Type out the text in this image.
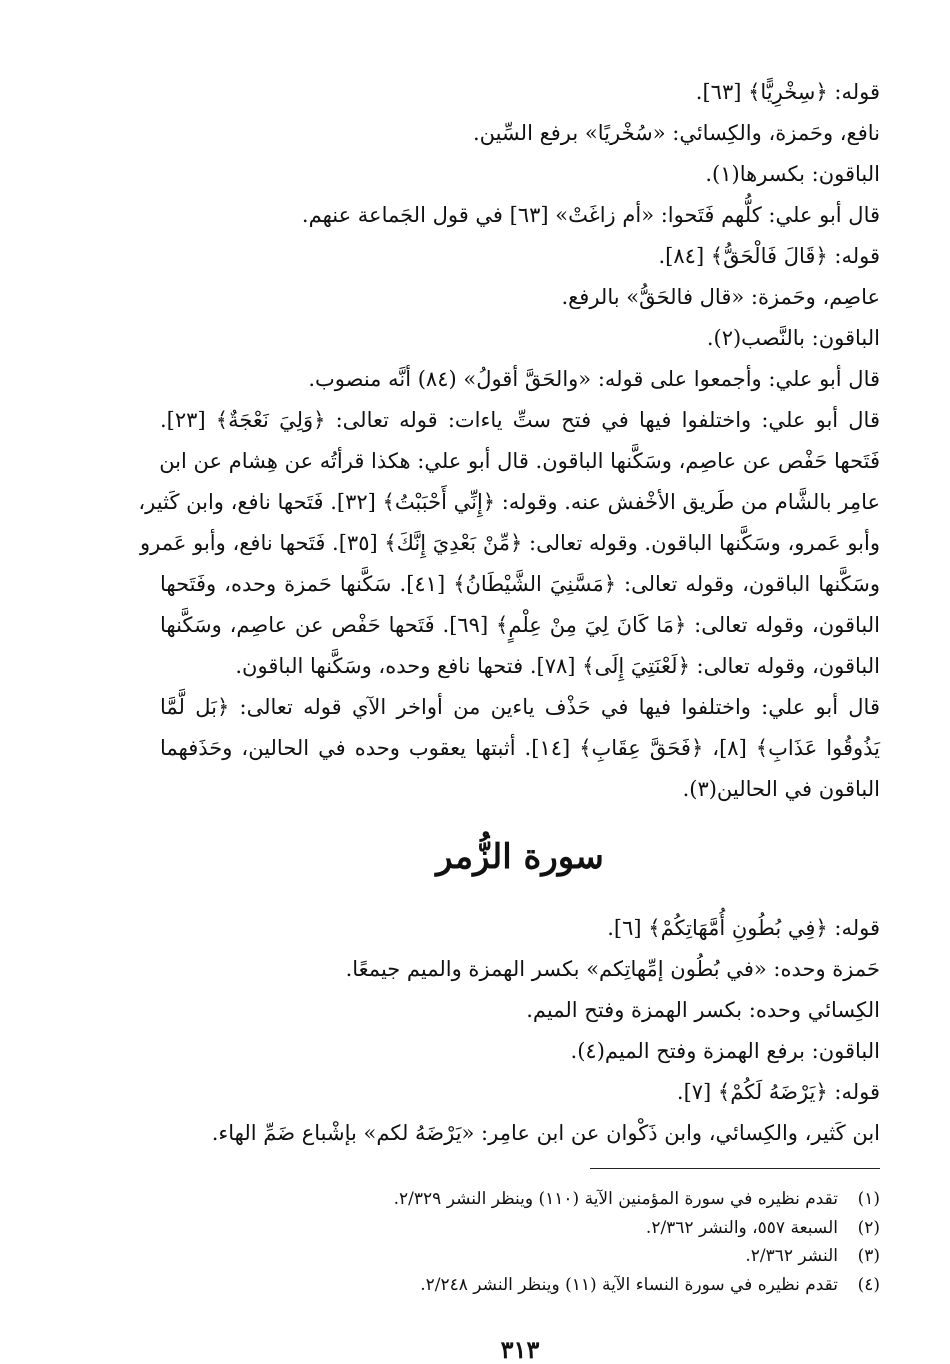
قوله: ﴿سِخْرِيًّا﴾ [٦٣].
نافع، وحَمزة، والكِسائي: «سُخْريًا» برفع السِّين.
الباقون: بكسرها(١).
قال أبو علي: كلُّهم فَتَحوا: «أم زاغَتْ» [٦٣] في قول الجَماعة عنهم.
قوله: ﴿قَالَ فَالْحَقُّ﴾ [٨٤].
عاصِم، وحَمزة: «قال فالحَقُّ» بالرفع.
الباقون: بالنَّصب(٢).
قال أبو علي: وأجمعوا على قوله: «والحَقَّ أقولُ» (٨٤) أنَّه منصوب.
قال أبو علي: واختلفوا فيها في فتح ستِّ ياءات: قوله تعالى: ﴿وَلِيَ نَعْجَةٌ﴾ [٢٣].
فَتَحها حَفْص عن عاصِم، وسَكَّنها الباقون. قال أبو علي: هكذا قرأتُه عن هِشام عن ابن
عامِر بالشَّام من طَريق الأخْفش عنه. وقوله: ﴿إِنِّي أَحْبَبْتُ﴾ [٣٢]. فَتَحها نافع، وابن كَثير،
وأبو عَمرو، وسَكَّنها الباقون. وقوله تعالى: ﴿مِّنْ بَعْدِيَ إِنَّكَ﴾ [٣٥]. فَتَحها نافع، وأبو عَمرو
وسَكَّنها الباقون، وقوله تعالى: ﴿مَسَّنِيَ الشَّيْطَانُ﴾ [٤١]. سَكَّنها حَمزة وحده، وفَتَحها
الباقون، وقوله تعالى: ﴿مَا كَانَ لِيَ مِنْ عِلْمٍ﴾ [٦٩]. فَتَحها حَفْص عن عاصِم، وسَكَّنها
الباقون، وقوله تعالى: ﴿لَعْنَتِيَ إِلَى﴾ [٧٨]. فتحها نافع وحده، وسَكَّنها الباقون.
قال أبو علي: واختلفوا فيها في حَذْف ياءين من أواخر الآي قوله تعالى: ﴿بَل لَّمَّا
يَذُوقُوا عَذَابِ﴾ [٨]، ﴿فَحَقَّ عِقَابِ﴾ [١٤]. أثبتها يعقوب وحده في الحالين، وحَذَفهما
الباقون في الحالين(٣).
سورة الزُّمر
قوله: ﴿فِي بُطُونِ أُمَّهَاتِكُمْ﴾ [٦].
حَمزة وحده: «في بُطُون إمِّهاتِكم» بكسر الهمزة والميم جيمعًا.
الكِسائي وحده: بكسر الهمزة وفتح الميم.
الباقون: برفع الهمزة وفتح الميم(٤).
قوله: ﴿يَرْضَهُ لَكُمْ﴾ [٧].
ابن كَثير، والكِسائي، وابن ذَكْوان عن ابن عامِر: «يَرْضَهُ لكم» بإشْباع ضَمِّ الهاء.
(١)تقدم نظيره في سورة المؤمنين الآية (١١٠) وينظر النشر ٢/٣٢٩.
(٢)السبعة ٥٥٧، والنشر ٢/٣٦٢.
(٣)النشر ٢/٣٦٢.
(٤)تقدم نظيره في سورة النساء الآية (١١) وينظر النشر ٢/٢٤٨.
٣١٣
